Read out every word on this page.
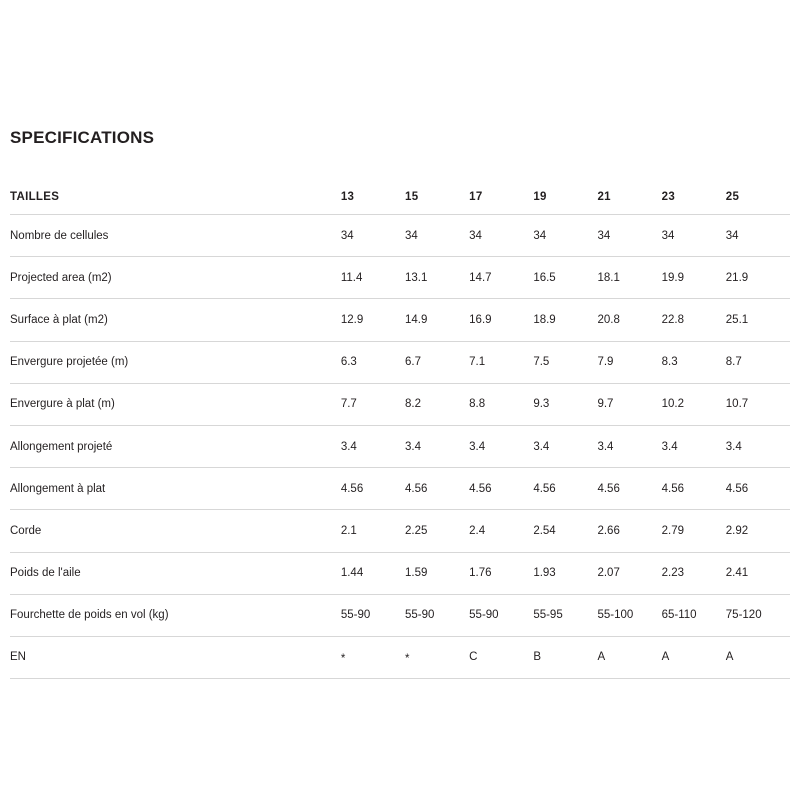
SPECIFICATIONS
TAILLES	13	15	17	19	21	23	25
Nombre de cellules	34	34	34	34	34	34	34
Projected area (m2)	11.4	13.1	14.7	16.5	18.1	19.9	21.9
Surface à plat (m2)	12.9	14.9	16.9	18.9	20.8	22.8	25.1
Envergure projetée (m)	6.3	6.7	7.1	7.5	7.9	8.3	8.7
Envergure à plat (m)	7.7	8.2	8.8	9.3	9.7	10.2	10.7
Allongement projeté	3.4	3.4	3.4	3.4	3.4	3.4	3.4
Allongement à plat	4.56	4.56	4.56	4.56	4.56	4.56	4.56
Corde	2.1	2.25	2.4	2.54	2.66	2.79	2.92
Poids de l'aile	1.44	1.59	1.76	1.93	2.07	2.23	2.41
Fourchette de poids en vol (kg)	55-90	55-90	55-90	55-95	55-100	65-110	75-120
EN	*	*	C	B	A	A	A
